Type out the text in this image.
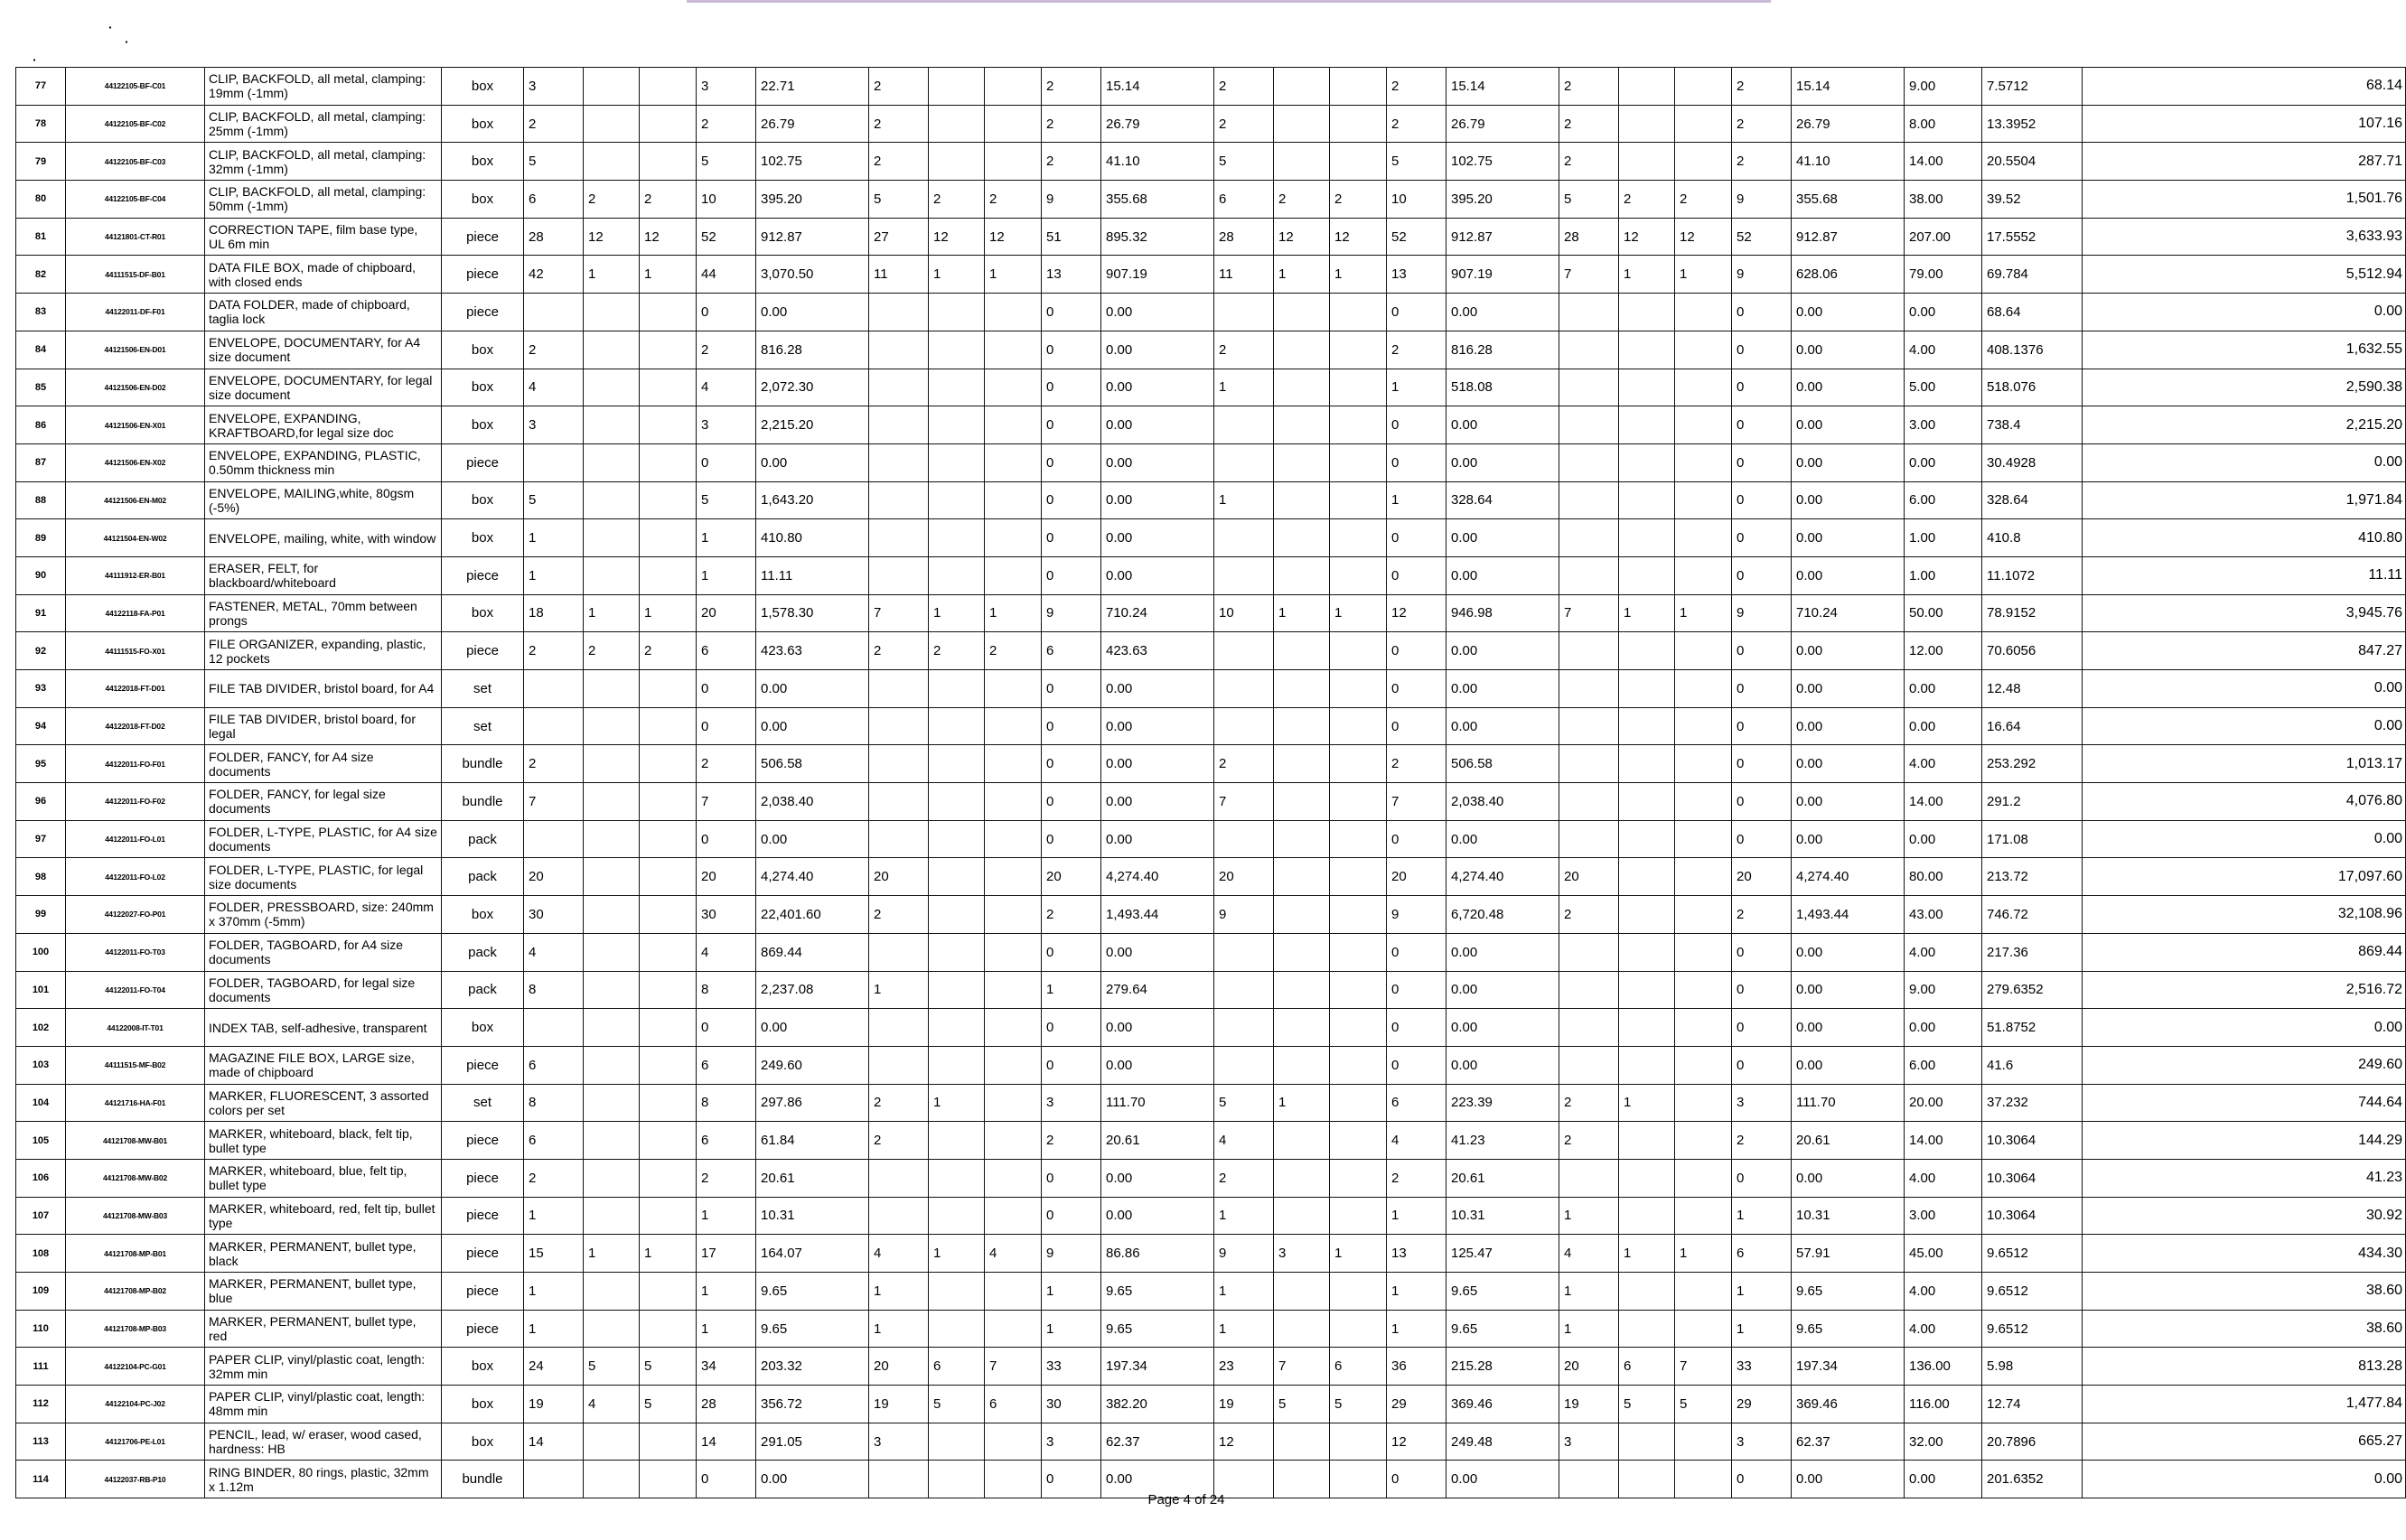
·
·
·
77	44122105-BF-C01	CLIP, BACKFOLD, all metal, clamping: 19mm (-1mm)	box	3			3	22.71	2			2	15.14	2			2	15.14	2			2	15.14	9.00	7.5712	68.14
78	44122105-BF-C02	CLIP, BACKFOLD, all metal, clamping: 25mm (-1mm)	box	2			2	26.79	2			2	26.79	2			2	26.79	2			2	26.79	8.00	13.3952	107.16
79	44122105-BF-C03	CLIP, BACKFOLD, all metal, clamping: 32mm (-1mm)	box	5			5	102.75	2			2	41.10	5			5	102.75	2			2	41.10	14.00	20.5504	287.71
80	44122105-BF-C04	CLIP, BACKFOLD, all metal, clamping: 50mm (-1mm)	box	6	2	2	10	395.20	5	2	2	9	355.68	6	2	2	10	395.20	5	2	2	9	355.68	38.00	39.52	1,501.76
81	44121801-CT-R01	CORRECTION TAPE, film base type, UL 6m min	piece	28	12	12	52	912.87	27	12	12	51	895.32	28	12	12	52	912.87	28	12	12	52	912.87	207.00	17.5552	3,633.93
82	44111515-DF-B01	DATA FILE BOX, made of chipboard, with closed ends	piece	42	1	1	44	3,070.50	11	1	1	13	907.19	11	1	1	13	907.19	7	1	1	9	628.06	79.00	69.784	5,512.94
83	44122011-DF-F01	DATA FOLDER, made of chipboard, taglia lock	piece				0	0.00				0	0.00				0	0.00				0	0.00	0.00	68.64	0.00
84	44121506-EN-D01	ENVELOPE, DOCUMENTARY, for A4 size document	box	2			2	816.28				0	0.00	2			2	816.28				0	0.00	4.00	408.1376	1,632.55
85	44121506-EN-D02	ENVELOPE, DOCUMENTARY, for legal size document	box	4			4	2,072.30				0	0.00	1			1	518.08				0	0.00	5.00	518.076	2,590.38
86	44121506-EN-X01	ENVELOPE, EXPANDING, KRAFTBOARD,for legal size doc	box	3			3	2,215.20				0	0.00				0	0.00				0	0.00	3.00	738.4	2,215.20
87	44121506-EN-X02	ENVELOPE, EXPANDING, PLASTIC, 0.50mm thickness min	piece				0	0.00				0	0.00				0	0.00				0	0.00	0.00	30.4928	0.00
88	44121506-EN-M02	ENVELOPE, MAILING,white, 80gsm (-5%)	box	5			5	1,643.20				0	0.00	1			1	328.64				0	0.00	6.00	328.64	1,971.84
89	44121504-EN-W02	ENVELOPE, mailing, white, with window	box	1			1	410.80				0	0.00				0	0.00				0	0.00	1.00	410.8	410.80
90	44111912-ER-B01	ERASER, FELT, for blackboard/whiteboard	piece	1			1	11.11				0	0.00				0	0.00				0	0.00	1.00	11.1072	11.11
91	44122118-FA-P01	FASTENER, METAL, 70mm between prongs	box	18	1	1	20	1,578.30	7	1	1	9	710.24	10	1	1	12	946.98	7	1	1	9	710.24	50.00	78.9152	3,945.76
92	44111515-FO-X01	FILE ORGANIZER, expanding, plastic, 12 pockets	piece	2	2	2	6	423.63	2	2	2	6	423.63				0	0.00				0	0.00	12.00	70.6056	847.27
93	44122018-FT-D01	FILE TAB DIVIDER, bristol board, for A4	set				0	0.00				0	0.00				0	0.00				0	0.00	0.00	12.48	0.00
94	44122018-FT-D02	FILE TAB DIVIDER, bristol board, for legal	set				0	0.00				0	0.00				0	0.00				0	0.00	0.00	16.64	0.00
95	44122011-FO-F01	FOLDER, FANCY, for A4 size documents	bundle	2			2	506.58				0	0.00	2			2	506.58				0	0.00	4.00	253.292	1,013.17
96	44122011-FO-F02	FOLDER, FANCY, for legal size documents	bundle	7			7	2,038.40				0	0.00	7			7	2,038.40				0	0.00	14.00	291.2	4,076.80
97	44122011-FO-L01	FOLDER, L-TYPE, PLASTIC, for A4 size documents	pack				0	0.00				0	0.00				0	0.00				0	0.00	0.00	171.08	0.00
98	44122011-FO-L02	FOLDER, L-TYPE, PLASTIC, for legal size documents	pack	20			20	4,274.40	20			20	4,274.40	20			20	4,274.40	20			20	4,274.40	80.00	213.72	17,097.60
99	44122027-FO-P01	FOLDER, PRESSBOARD, size: 240mm x 370mm (-5mm)	box	30			30	22,401.60	2			2	1,493.44	9			9	6,720.48	2			2	1,493.44	43.00	746.72	32,108.96
100	44122011-FO-T03	FOLDER, TAGBOARD, for A4 size documents	pack	4			4	869.44				0	0.00				0	0.00				0	0.00	4.00	217.36	869.44
101	44122011-FO-T04	FOLDER, TAGBOARD, for legal size documents	pack	8			8	2,237.08	1			1	279.64				0	0.00				0	0.00	9.00	279.6352	2,516.72
102	44122008-IT-T01	INDEX TAB, self-adhesive, transparent	box				0	0.00				0	0.00				0	0.00				0	0.00	0.00	51.8752	0.00
103	44111515-MF-B02	MAGAZINE FILE BOX, LARGE size, made of chipboard	piece	6			6	249.60				0	0.00				0	0.00				0	0.00	6.00	41.6	249.60
104	44121716-HA-F01	MARKER, FLUORESCENT, 3 assorted colors per set	set	8			8	297.86	2	1		3	111.70	5	1		6	223.39	2	1		3	111.70	20.00	37.232	744.64
105	44121708-MW-B01	MARKER, whiteboard, black, felt tip, bullet type	piece	6			6	61.84	2			2	20.61	4			4	41.23	2			2	20.61	14.00	10.3064	144.29
106	44121708-MW-B02	MARKER, whiteboard, blue, felt tip, bullet type	piece	2			2	20.61				0	0.00	2			2	20.61				0	0.00	4.00	10.3064	41.23
107	44121708-MW-B03	MARKER, whiteboard, red, felt tip, bullet type	piece	1			1	10.31				0	0.00	1			1	10.31	1			1	10.31	3.00	10.3064	30.92
108	44121708-MP-B01	MARKER, PERMANENT, bullet type, black	piece	15	1	1	17	164.07	4	1	4	9	86.86	9	3	1	13	125.47	4	1	1	6	57.91	45.00	9.6512	434.30
109	44121708-MP-B02	MARKER, PERMANENT, bullet type, blue	piece	1			1	9.65	1			1	9.65	1			1	9.65	1			1	9.65	4.00	9.6512	38.60
110	44121708-MP-B03	MARKER, PERMANENT, bullet type, red	piece	1			1	9.65	1			1	9.65	1			1	9.65	1			1	9.65	4.00	9.6512	38.60
111	44122104-PC-G01	PAPER CLIP, vinyl/plastic coat, length: 32mm min	box	24	5	5	34	203.32	20	6	7	33	197.34	23	7	6	36	215.28	20	6	7	33	197.34	136.00	5.98	813.28
112	44122104-PC-J02	PAPER CLIP, vinyl/plastic coat, length: 48mm min	box	19	4	5	28	356.72	19	5	6	30	382.20	19	5	5	29	369.46	19	5	5	29	369.46	116.00	12.74	1,477.84
113	44121706-PE-L01	PENCIL, lead, w/ eraser, wood cased, hardness: HB	box	14			14	291.05	3			3	62.37	12			12	249.48	3			3	62.37	32.00	20.7896	665.27
114	44122037-RB-P10	RING BINDER, 80 rings, plastic, 32mm x 1.12m	bundle				0	0.00				0	0.00				0	0.00				0	0.00	0.00	201.6352	0.00
Page 4 of 24
